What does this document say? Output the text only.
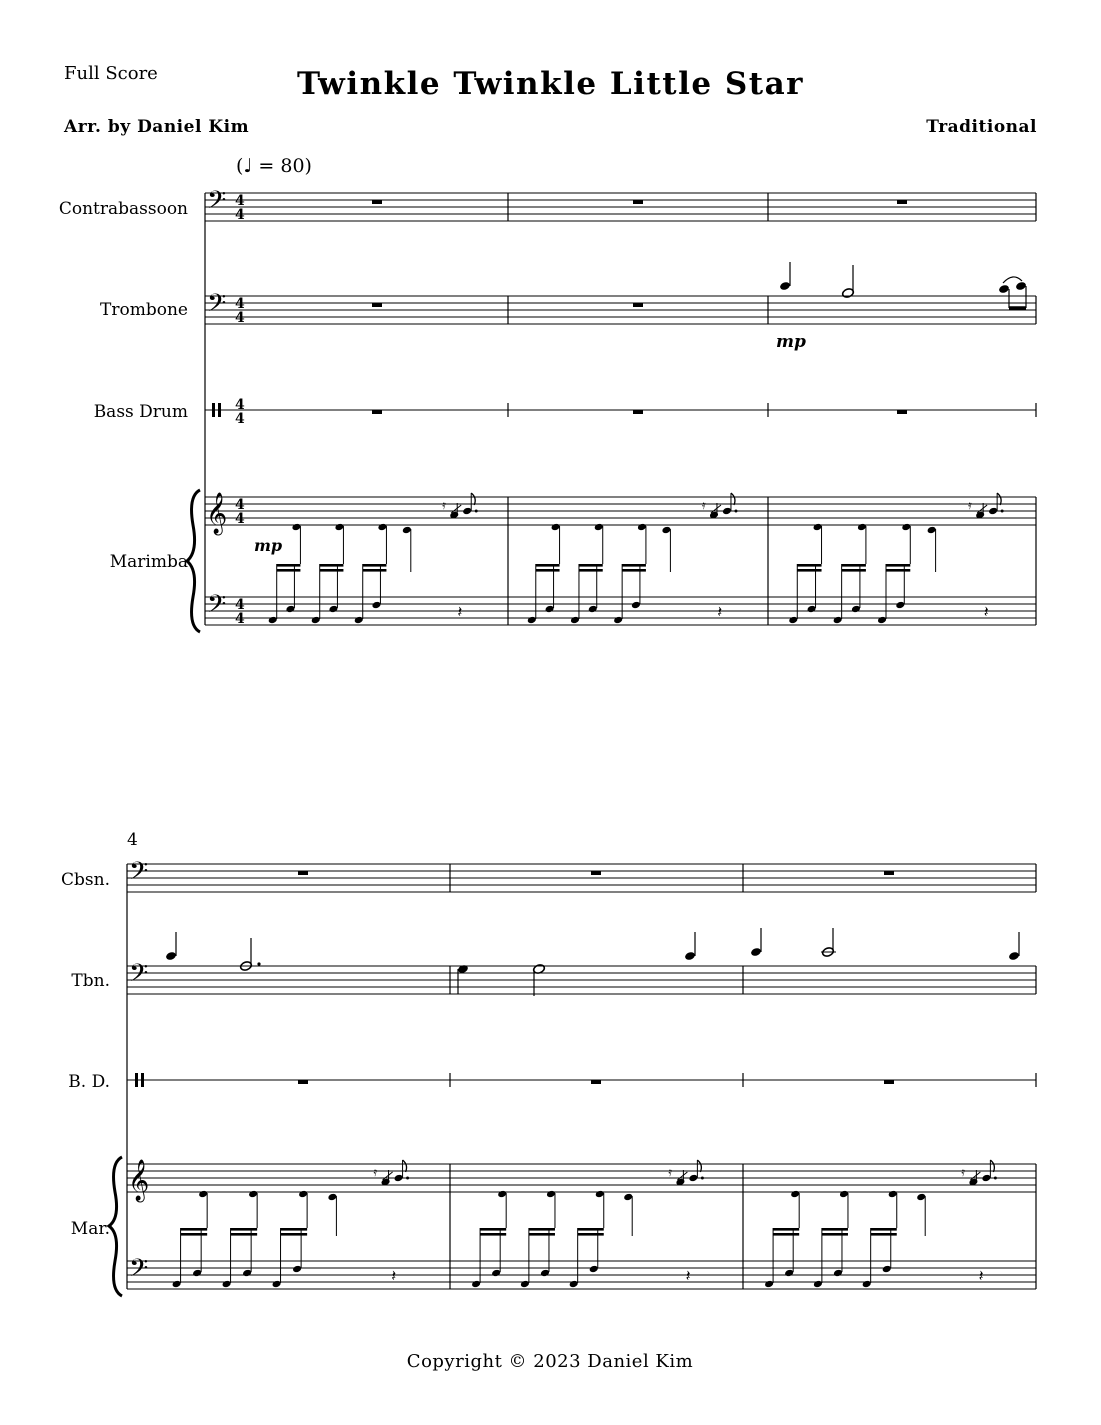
Full Score	Twinkle Twinkle Little Star
Arr. by Daniel Kim	Traditional
(♩ = 80)
Contrabassoon
Trombone
Bass Drum
Marimba
𝄢 4
4
𝄢 4
4
mp
4
4
𝄞 4
4
𝄢 4
4
mp
𝄿
𝄽
𝄿
𝄽
𝄿
𝄽
4
Cbsn.
Tbn.
B. D.
Mar.
𝄢
𝄢
𝄞
𝄢
𝄿
𝄽
𝄿
𝄽
𝄿
𝄽
Copyright © 2023 Daniel Kim
